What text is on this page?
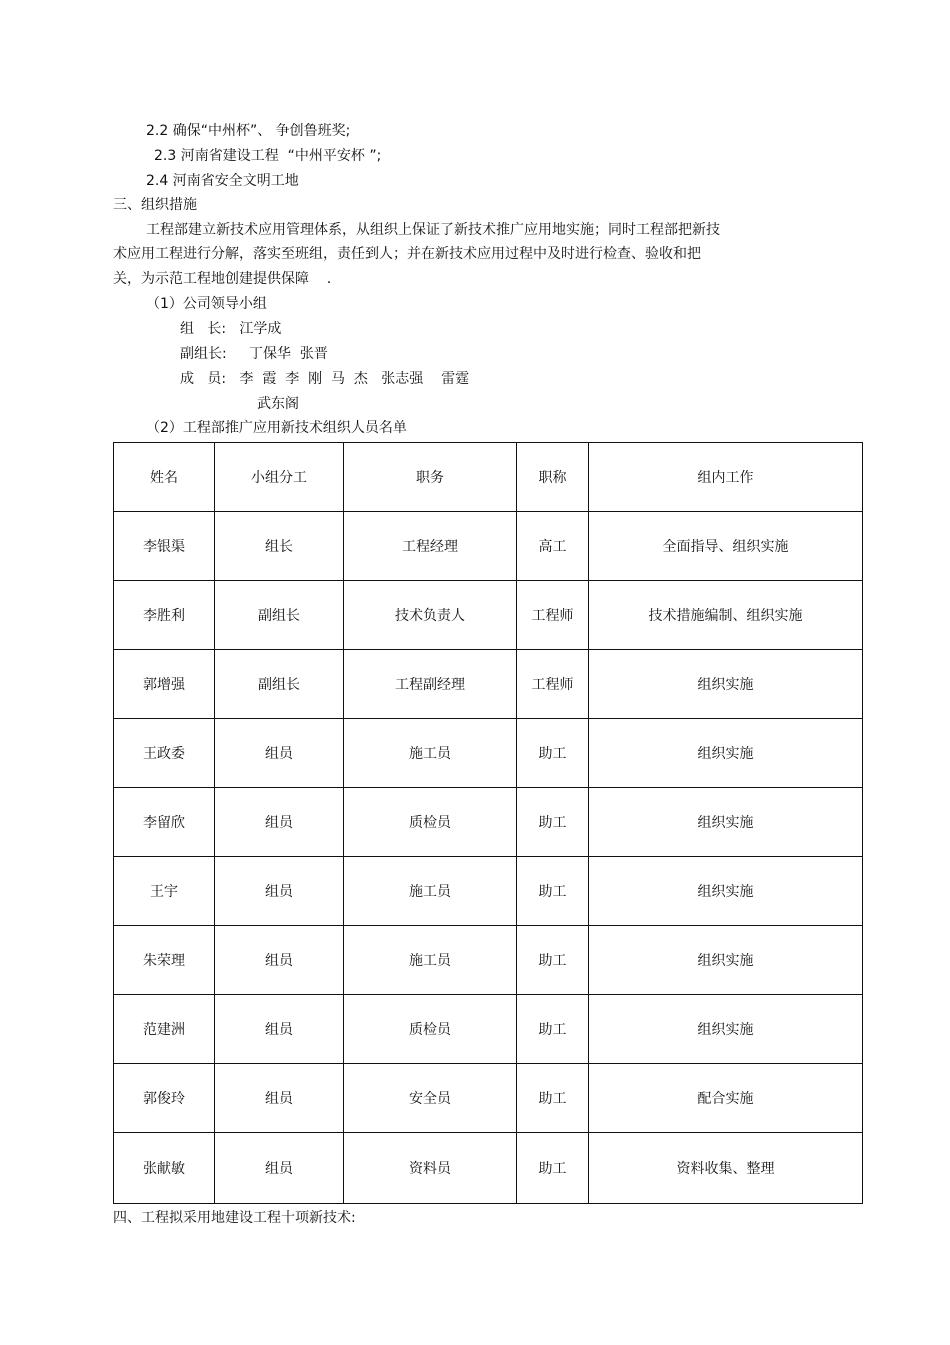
2.2 确保“中州杯”、 争创鲁班奖;
2.3 河南省建设工程  “中州平安杯 ”;
2.4 河南省安全文明工地
三、组织措施
工程部建立新技术应用管理体系，从组织上保证了新技术推广应用地实施；同时工程部把新技
术应用工程进行分解，落实至班组，责任到人；并在新技术应用过程中及时进行检查、验收和把
关，为示范工程地创建提供保障    .
（1）公司领导小组
组   长:   江学成
副组长:     丁保华  张晋
成   员:   李  霞  李  刚  马  杰   张志强    雷霆
武东阁
（2）工程部推广应用新技术组织人员名单
姓名	小组分工	职务	职称	组内工作
李银渠	组长	工程经理	高工	全面指导、组织实施
李胜利	副组长	技术负责人	工程师	技术措施编制、组织实施
郭增强	副组长	工程副经理	工程师	组织实施
王政委	组员	施工员	助工	组织实施
李留欣	组员	质检员	助工	组织实施
王宇	组员	施工员	助工	组织实施
朱荣理	组员	施工员	助工	组织实施
范建洲	组员	质检员	助工	组织实施
郭俊玲	组员	安全员	助工	配合实施
张献敏	组员	资料员	助工	资料收集、整理
四、工程拟采用地建设工程十项新技术:
